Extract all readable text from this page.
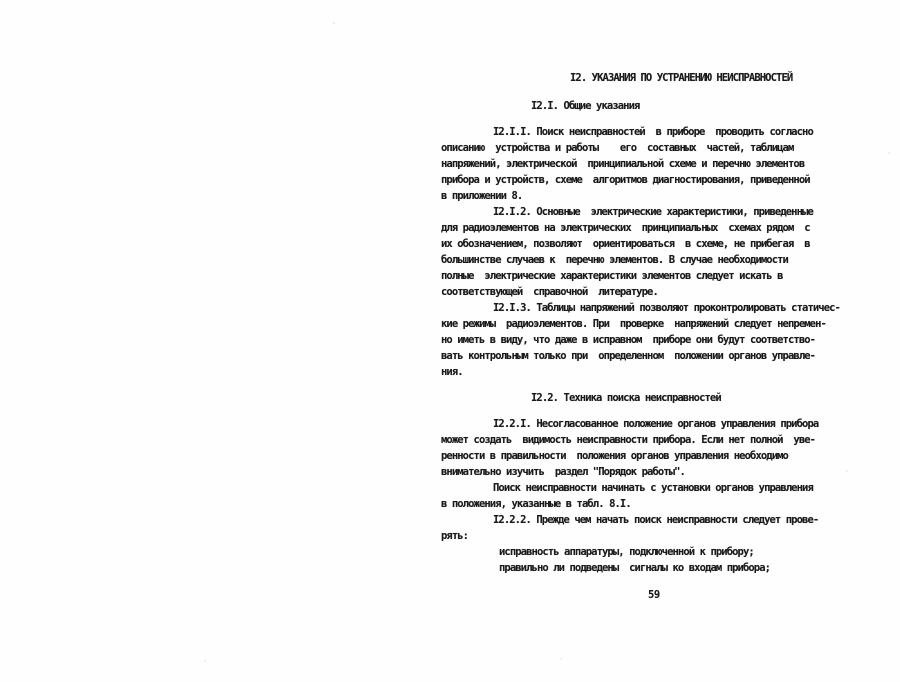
I2. УКАЗАНИЯ ПО УСТРАНЕНИЮ НЕИСПРАВНОСТЕЙ
I2.I. Общие указания
I2.I.I. Поиск неисправностей  в приборе  проводить согласно
описанию  устройства и работы    его  составных  частей, таблицам
напряжений, электрической  принципиальной схеме и перечню элементов
прибора и устройств, схеме  алгоритмов диагностирования, приведенной
в приложении 8.
I2.I.2. Основные  электрические характеристики, приведенные
для радиоэлементов на электрических  принципиальных  схемах рядом  с
их обозначением, позволяют  ориентироваться  в схеме, не прибегая  в
большинстве случаев к  перечню элементов. В случае необходимости
полные  электрические характеристики элементов следует искать в
соответствующей  справочной  литературе.
I2.I.3. Таблицы напряжений позволяют проконтролировать статичес-
кие режимы  радиоэлементов. При  проверке  напряжений следует непремен-
но иметь в виду, что даже в исправном  приборе они будут соответство-
вать контрольным только при  определенном  положении органов управле-
ния.
I2.2. Техника поиска неисправностей
I2.2.I. Несогласованное положение органов управления прибора
может создать  видимость неисправности прибора. Если нет полной  уве-
ренности в правильности  положения органов управления необходимо
внимательно изучить  раздел "Порядок работы".
Поиск неисправности начинать с установки органов управления
в положения, указанные в табл. 8.I.
I2.2.2. Прежде чем начать поиск неисправности следует прове-
рять:
исправность аппаратуры, подключенной к прибору;
правильно ли подведены  сигналы ко входам прибора;
59
